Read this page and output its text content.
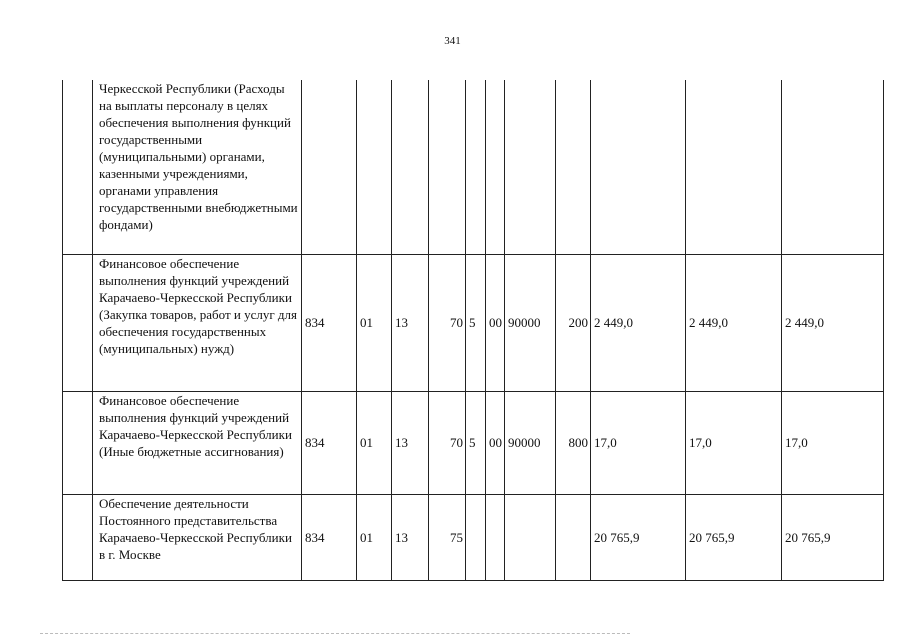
341
	Черкесской Республики (Расходы на выплаты персоналу в целях обеспечения выполнения функций государственными (муниципальными) органами, казенными учреждениями, органами управления государственными внебюджетными фондами)											
	Финансовое обеспечение выполнения функций учреждений Карачаево-Черкесской Республики (Закупка товаров, работ и услуг для обеспечения государственных (муниципальных) нужд)	834	01	13	70	5	00	90000	200	2 449,0	2 449,0	2 449,0
	Финансовое обеспечение выполнения функций учреждений Карачаево-Черкесской Республики (Иные бюджетные ассигнования)	834	01	13	70	5	00	90000	800	17,0	17,0	17,0
	Обеспечение деятельности Постоянного представительства Карачаево-Черкесской Республики в г. Москве	834	01	13	75					20 765,9	20 765,9	20 765,9
